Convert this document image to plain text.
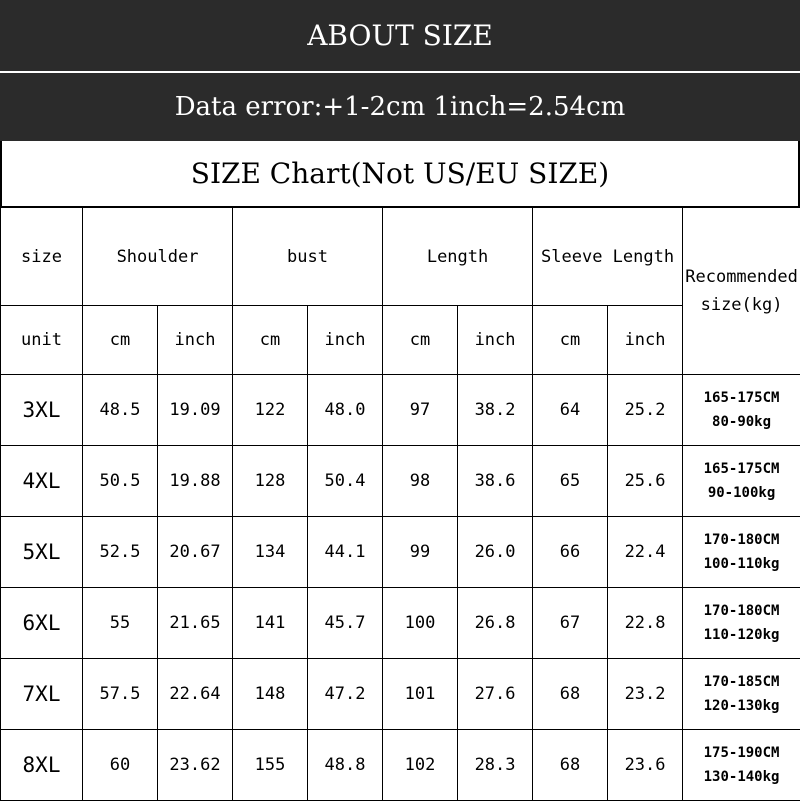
ABOUT SIZE
Data error:+1-2cm 1inch=2.54cm
SIZE Chart(Not US/EU SIZE)
size	Shoulder		bust		Length		Sleeve Length		Recommended
size(kg)
unit	cm	inch	cm	inch	cm	inch	cm	inch	
3XL	48.5	19.09	122	48.0	97	38.2	64	25.2	165-175CM
80-90kg
4XL	50.5	19.88	128	50.4	98	38.6	65	25.6	165-175CM
90-100kg
5XL	52.5	20.67	134	44.1	99	26.0	66	22.4	170-180CM
100-110kg
6XL	55	21.65	141	45.7	100	26.8	67	22.8	170-180CM
110-120kg
7XL	57.5	22.64	148	47.2	101	27.6	68	23.2	170-185CM
120-130kg
8XL	60	23.62	155	48.8	102	28.3	68	23.6	175-190CM
130-140kg
